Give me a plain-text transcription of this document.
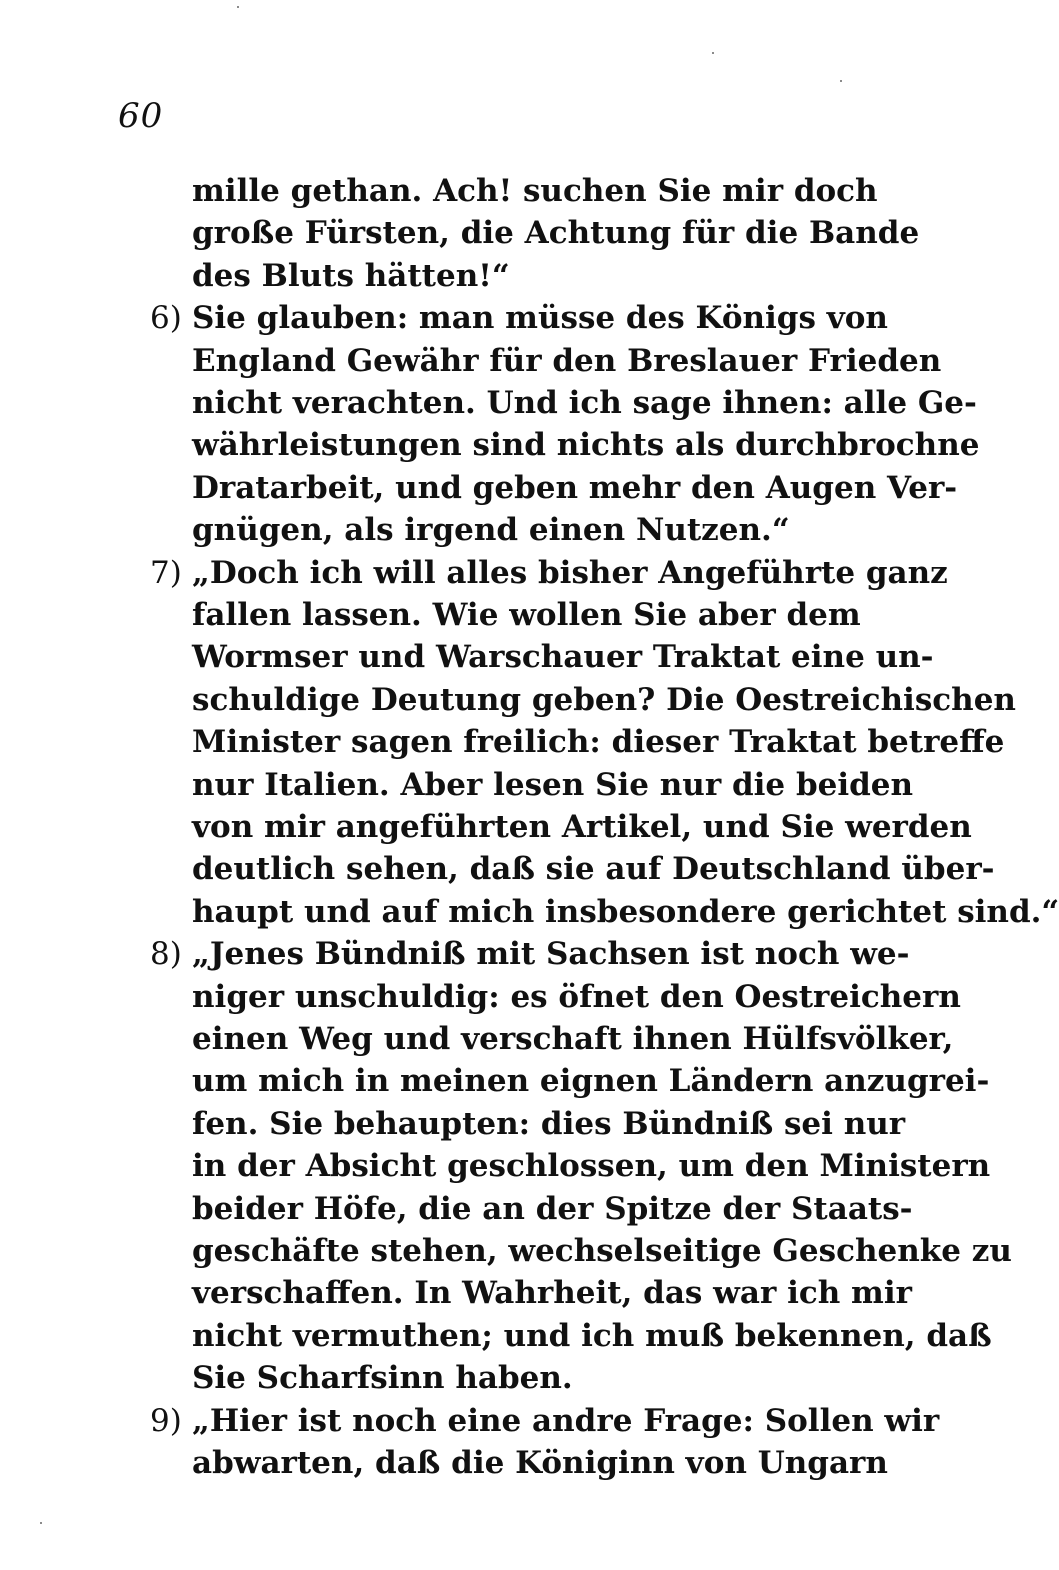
60
mille gethan. Ach! suchen Sie mir doch
große Fürsten, die Achtung für die Bande
des Bluts hätten!“
6) Sie glauben: man müsse des Königs von
England Gewähr für den Breslauer Frieden
nicht verachten. Und ich sage ihnen: alle Ge-
währleistungen sind nichts als durchbrochne
Dratarbeit, und geben mehr den Augen Ver-
gnügen, als irgend einen Nutzen.“
7) „Doch ich will alles bisher Angeführte ganz
fallen lassen. Wie wollen Sie aber dem
Wormser und Warschauer Traktat eine un-
schuldige Deutung geben? Die Oestreichischen
Minister sagen freilich: dieser Traktat betreffe
nur Italien. Aber lesen Sie nur die beiden
von mir angeführten Artikel, und Sie werden
deutlich sehen, daß sie auf Deutschland über-
haupt und auf mich insbesondere gerichtet sind.“
8) „Jenes Bündniß mit Sachsen ist noch we-
niger unschuldig: es öfnet den Oestreichern
einen Weg und verschaft ihnen Hülfsvölker,
um mich in meinen eignen Ländern anzugrei-
fen. Sie behaupten: dies Bündniß sei nur
in der Absicht geschlossen, um den Ministern
beider Höfe, die an der Spitze der Staats-
geschäfte stehen, wechselseitige Geschenke zu
verschaffen. In Wahrheit, das war ich mir
nicht vermuthen; und ich muß bekennen, daß
Sie Scharfsinn haben.
9) „Hier ist noch eine andre Frage: Sollen wir
abwarten, daß die Königinn von Ungarn
